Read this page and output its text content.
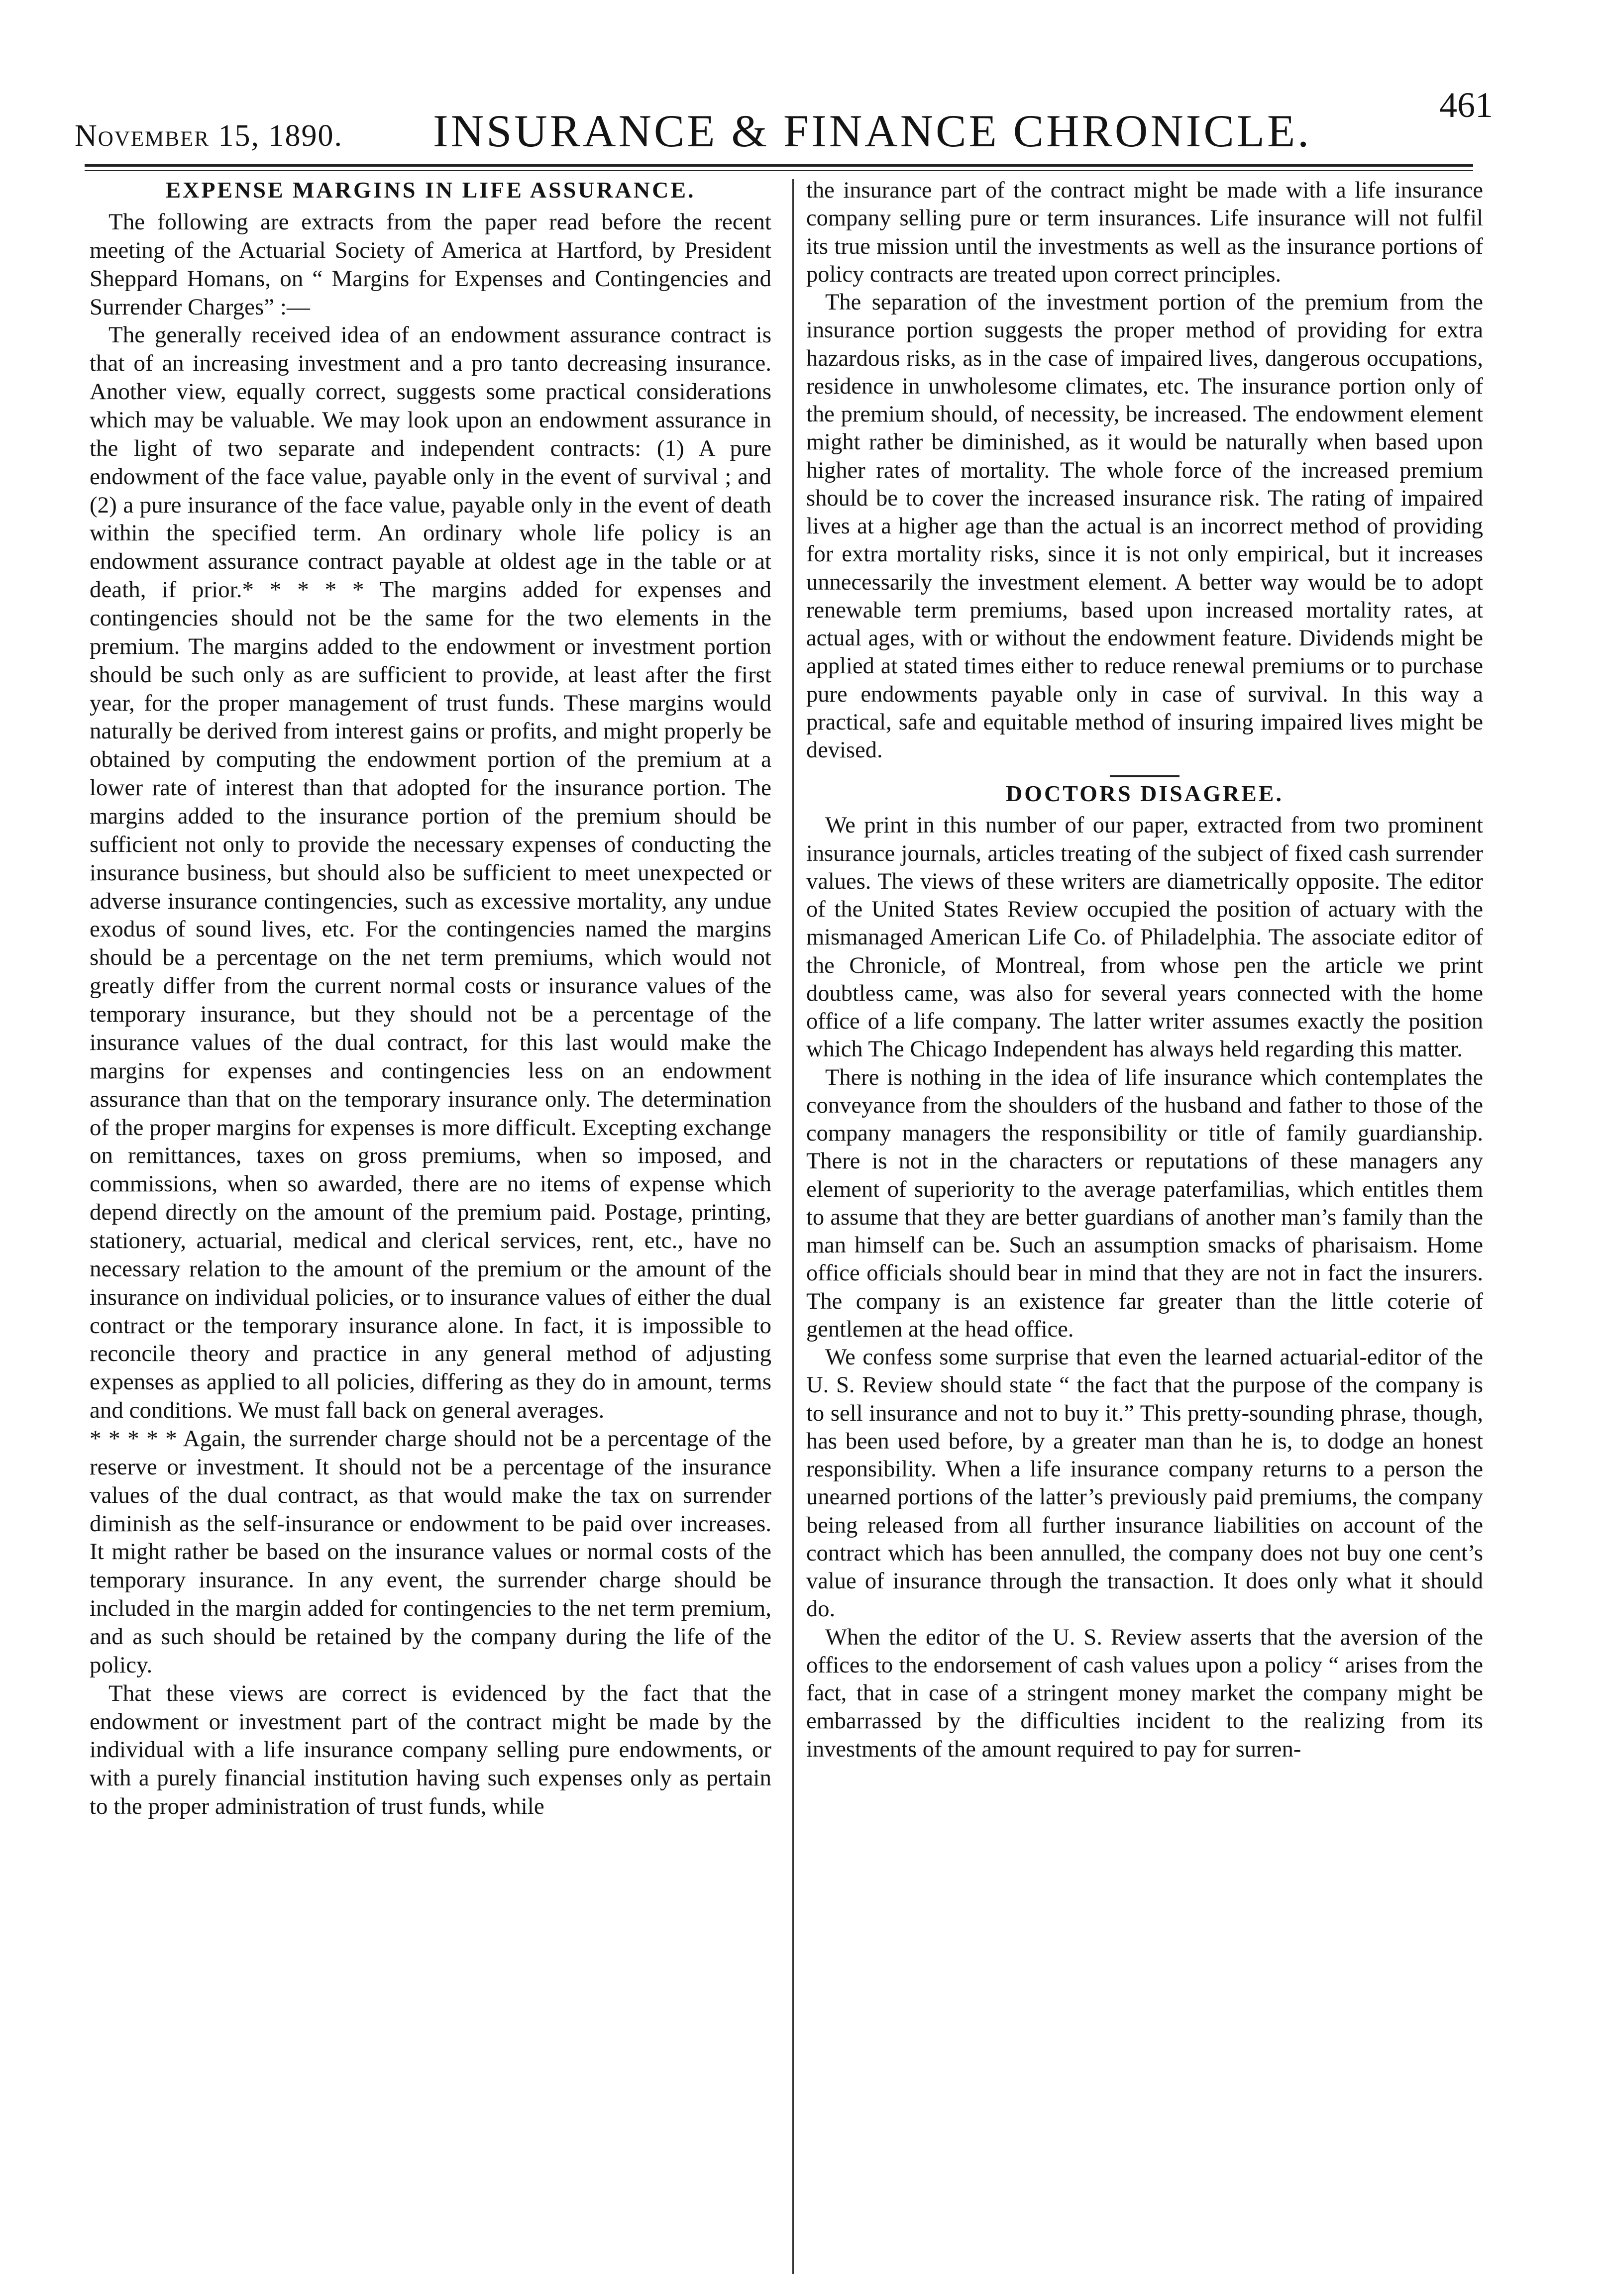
November 15, 1890. INSURANCE & FINANCE CHRONICLE.
461
EXPENSE MARGINS IN LIFE ASSURANCE.

The following are extracts from the paper read before the recent meeting of the Actuarial Society of America at Hartford, by President Sheppard Homans, on “ Margins for Expenses and Contingencies and Surrender Charges” :—

The generally received idea of an endowment assurance contract is that of an increasing investment and a pro tanto decreasing insurance. Another view, equally correct, suggests some practical considerations which may be valuable. We may look upon an endowment assurance in the light of two separate and independent contracts: (1) A pure endowment of the face value, payable only in the event of survival ; and (2) a pure insurance of the face value, payable only in the event of death within the specified term. An ordinary whole life policy is an endowment assurance contract payable at oldest age in the table or at death, if prior.* * * * * The margins added for expenses and contingencies should not be the same for the two elements in the premium. The margins added to the endowment or investment portion should be such only as are sufficient to provide, at least after the first year, for the proper management of trust funds. These margins would naturally be derived from interest gains or profits, and might properly be obtained by computing the endowment portion of the premium at a lower rate of interest than that adopted for the insurance portion. The margins added to the insurance portion of the premium should be sufficient not only to provide the necessary expenses of conducting the insurance business, but should also be sufficient to meet unexpected or adverse insurance contingencies, such as excessive mortality, any undue exodus of sound lives, etc. For the contingencies named the margins should be a percentage on the net term premiums, which would not greatly differ from the current normal costs or insurance values of the temporary insurance, but they should not be a percentage of the insurance values of the dual contract, for this last would make the margins for expenses and contingencies less on an endowment assurance than that on the temporary insurance only. The determination of the proper margins for expenses is more difficult. Excepting exchange on remittances, taxes on gross premiums, when so imposed, and commissions, when so awarded, there are no items of expense which depend directly on the amount of the premium paid. Postage, printing, stationery, actuarial, medical and clerical services, rent, etc., have no necessary relation to the amount of the premium or the amount of the insurance on individual policies, or to insurance values of either the dual contract or the temporary insurance alone. In fact, it is impossible to reconcile theory and practice in any general method of adjusting expenses as applied to all policies, differing as they do in amount, terms and conditions. We must fall back on general averages.

* * * * * Again, the surrender charge should not be a percentage of the reserve or investment. It should not be a percentage of the insurance values of the dual contract, as that would make the tax on surrender diminish as the self-insurance or endowment to be paid over increases. It might rather be based on the insurance values or normal costs of the temporary insurance. In any event, the surrender charge should be included in the margin added for contingencies to the net term premium, and as such should be retained by the company during the life of the policy.

That these views are correct is evidenced by the fact that the endowment or investment part of the contract might be made by the individual with a life insurance company selling pure endowments, or with a purely financial institution having such expenses only as pertain to the proper administration of trust funds, while

the insurance part of the contract might be made with a life insurance company selling pure or term insurances. Life insurance will not fulfil its true mission until the investments as well as the insurance portions of policy contracts are treated upon correct principles.

The separation of the investment portion of the premium from the insurance portion suggests the proper method of providing for extra hazardous risks, as in the case of impaired lives, dangerous occupations, residence in unwholesome climates, etc. The insurance portion only of the premium should, of necessity, be increased. The endowment element might rather be diminished, as it would be naturally when based upon higher rates of mortality. The whole force of the increased premium should be to cover the increased insurance risk. The rating of impaired lives at a higher age than the actual is an incorrect method of providing for extra mortality risks, since it is not only empirical, but it increases unnecessarily the investment element. A better way would be to adopt renewable term premiums, based upon increased mortality rates, at actual ages, with or without the endowment feature. Dividends might be applied at stated times either to reduce renewal premiums or to purchase pure endowments payable only in case of survival. In this way a practical, safe and equitable method of insuring impaired lives might be devised.

DOCTORS DISAGREE.

We print in this number of our paper, extracted from two prominent insurance journals, articles treating of the subject of fixed cash surrender values. The views of these writers are diametrically opposite. The editor of the United States Review occupied the position of actuary with the mismanaged American Life Co. of Philadelphia. The associate editor of the Chronicle, of Montreal, from whose pen the article we print doubtless came, was also for several years connected with the home office of a life company. The latter writer assumes exactly the position which The Chicago Independent has always held regarding this matter.

There is nothing in the idea of life insurance which contemplates the conveyance from the shoulders of the husband and father to those of the company managers the responsibility or title of family guardianship. There is not in the characters or reputations of these managers any element of superiority to the average paterfamilias, which entitles them to assume that they are better guardians of another man’s family than the man himself can be. Such an assumption smacks of pharisaism. Home office officials should bear in mind that they are not in fact the insurers. The company is an existence far greater than the little coterie of gentlemen at the head office.

We confess some surprise that even the learned actuarial-editor of the U. S. Review should state “ the fact that the purpose of the company is to sell insurance and not to buy it.” This pretty-sounding phrase, though, has been used before, by a greater man than he is, to dodge an honest responsibility. When a life insurance company returns to a person the unearned portions of the latter’s previously paid premiums, the company being released from all further insurance liabilities on account of the contract which has been annulled, the company does not buy one cent’s value of insurance through the transaction. It does only what it should do.

When the editor of the U. S. Review asserts that the aversion of the offices to the endorsement of cash values upon a policy “ arises from the fact, that in case of a stringent money market the company might be embarrassed by the difficulties incident to the realizing from its investments of the amount required to pay for surren-
